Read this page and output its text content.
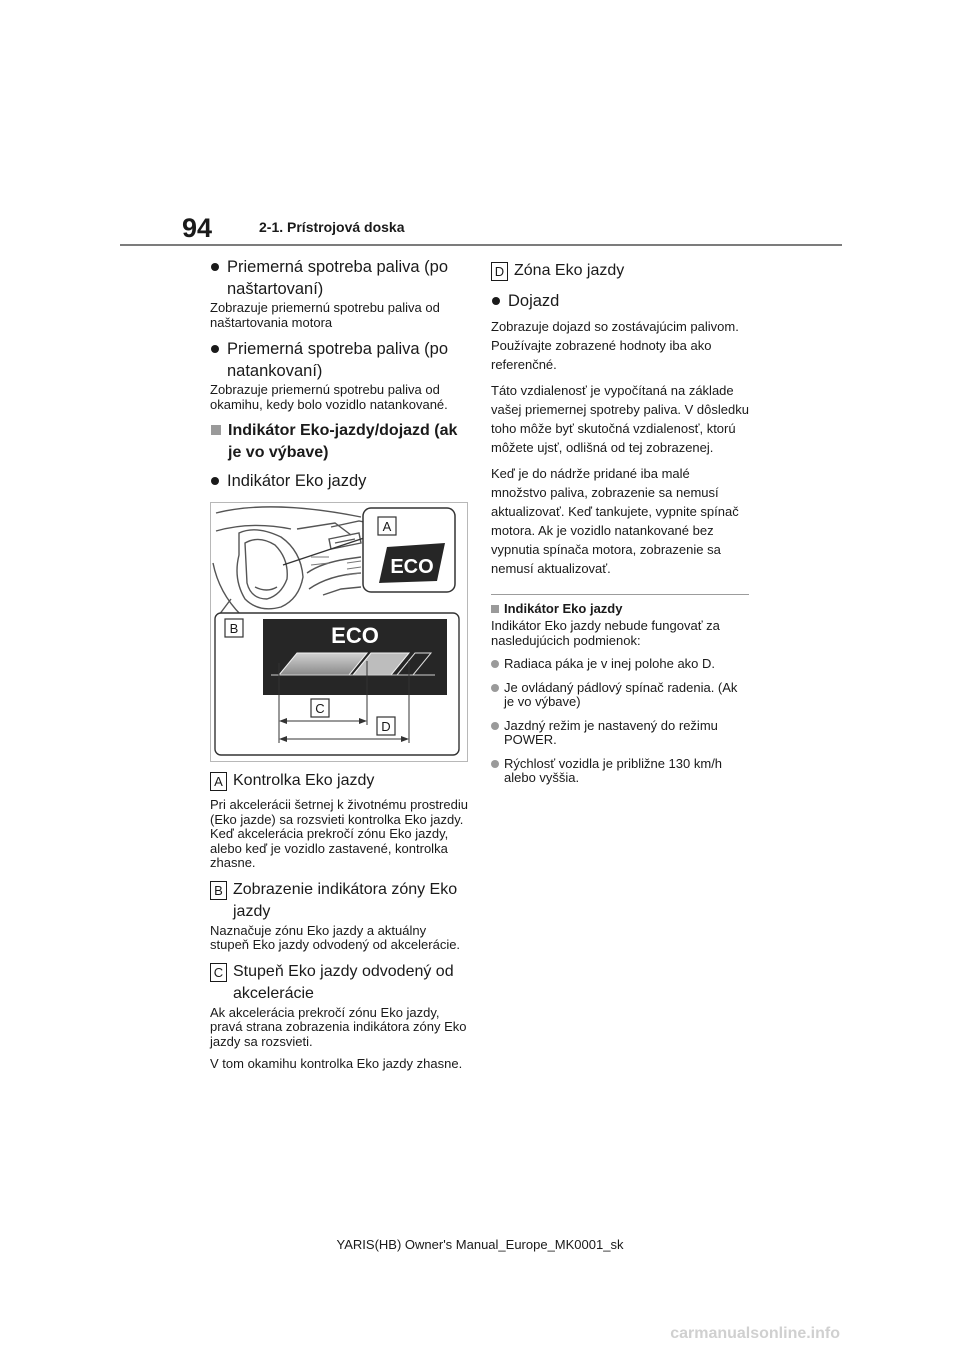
94	2-1. Prístrojová doska
Priemerná spotreba paliva (po naštartovaní)
Zobrazuje priemernú spotrebu paliva od naštartovania motora
Priemerná spotreba paliva (po natankovaní)
Zobrazuje priemernú spotrebu paliva od okamihu, kedy bolo vozidlo natankované.
Indikátor Eko-jazdy/dojazd (ak je vo výbave)
Indikátor Eko jazdy
A
ECO
B	ECO
C
D
A Kontrolka Eko jazdy
Pri akcelerácii šetrnej k životnému prostrediu (Eko jazde) sa rozsvieti kontrolka Eko jazdy. Keď akcelerácia prekročí zónu Eko jazdy, alebo keď je vozidlo zastavené, kontrolka zhasne.
B Zobrazenie indikátora zóny Eko jazdy
Naznačuje zónu Eko jazdy a aktuálny stupeň Eko jazdy odvodený od akcelerácie.
C Stupeň Eko jazdy odvodený od akcelerácie
Ak akcelerácia prekročí zónu Eko jazdy, pravá strana zobrazenia indikátora zóny Eko jazdy sa rozsvieti.
V tom okamihu kontrolka Eko jazdy zhasne.
D Zóna Eko jazdy
Dojazd
Zobrazuje dojazd so zostávajúcim palivom. Používajte zobrazené hodnoty iba ako referenčné.
Táto vzdialenosť je vypočítaná na základe vašej priemernej spotreby paliva. V dôsledku toho môže byť skutočná vzdialenosť, ktorú môžete ujsť, odlišná od tej zobrazenej.
Keď je do nádrže pridané iba malé množstvo paliva, zobrazenie sa nemusí aktualizovať. Keď tankujete, vypnite spínač motora. Ak je vozidlo natankované bez vypnutia spínača motora, zobrazenie sa nemusí aktualizovať.
Indikátor Eko jazdy
Indikátor Eko jazdy nebude fungovať za nasledujúcich podmienok:
Radiaca páka je v inej polohe ako D.
Je ovládaný pádlový spínač radenia. (Ak je vo výbave)
Jazdný režim je nastavený do režimu POWER.
Rýchlosť vozidla je približne 130 km/h alebo vyššia.
YARIS(HB) Owner's Manual_Europe_MK0001_sk
carmanualsonline.info
